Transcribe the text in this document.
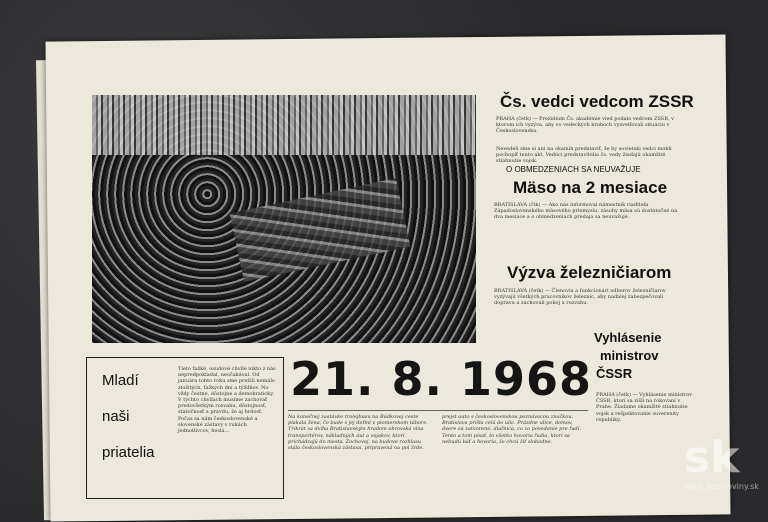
Čs. vedci vedcom ZSSR
PRAHA (četk) — Prezidium Čs. akadémie vied podalo vedcom ZSSR, v ktorom ich vyzýva, aby vo vedeckých kruhoch vysvetľovali situáciu v Československu.
Nevedeli sme si ani na okamih predstaviť, že by sovietski vedci mohli pochopiť tento akt. Vedúci predstavitelia čs. vedy žiadajú okamžité stiahnutie vojsk.
O OBMEDZENIACH SA NEUVAŽUJE
Mäso na 2 mesiace
BRATISLAVA (čtk) — Ako nás informoval námestník riaditeľa Západoslovenského mäsového priemyslu, zásoby mäsa sú dostatočné na dva mesiace a o obmedzeniach predaja sa neuvažuje.
Výzva železničiarom
BRATISLAVA (četk) — Členovia a funkcionári odborov železničiarov vyzývajú všetkých pracovníkov železníc, aby naďalej zabezpečovali dopravu a zachovali pokoj a rozvahu.
Vyhlásenie
ministrov
ČSSR
PRAHA (četk) — Vyhlásenie ministrov ČSSR, ktorí sa zišli na rokovaní v Prahe. Žiadame okamžité stiahnutie vojsk a rešpektovanie suverenity republiky.
Mladí
naši
priatelia
Tieto ťažké, osudové chvíle nikto z nás nepredpokladal, neočakával. Od januára tohto roku sme prežili nemálo zložitých, ťažkých dní a týždňov. No vždy čestne, dôstojne a demokraticky. V týchto chvíľach musíme zachovať predovšetkým rozvahu, dôstojnosť, statočnosť a pravdu, že aj hrdosť. Počas sa nám československé a slovenské zástavy v rukách jednotlivcov, heslá...
21. 8. 1968
Na konečnej zastávke trolejbusu na Búdkovej ceste plakala žena, čo bude s jej deťmi v pionierskom tábore. Trikrát sa dvíha Bratislavským hradom obrovská vlna transportérov, nákladných áut a vojakov, ktorí prichádzajú do mesta. Zochovej, na budove rozhlasu stála československá zástava, pripravená na pol žrde.
prejst auto s československou poznávacou značkou. Bratislava prišla celá do ulíc. Prázdne ulice, domov, dvere sú zatvorené, diaľnica, co za povedanie pre ľudí. Tento a tom písať, to všetko hovoria ľudia, ktorí sa nebudú báť a hovoria, že chcú žiť slobodne.	sk
www.webnoviny.sk
